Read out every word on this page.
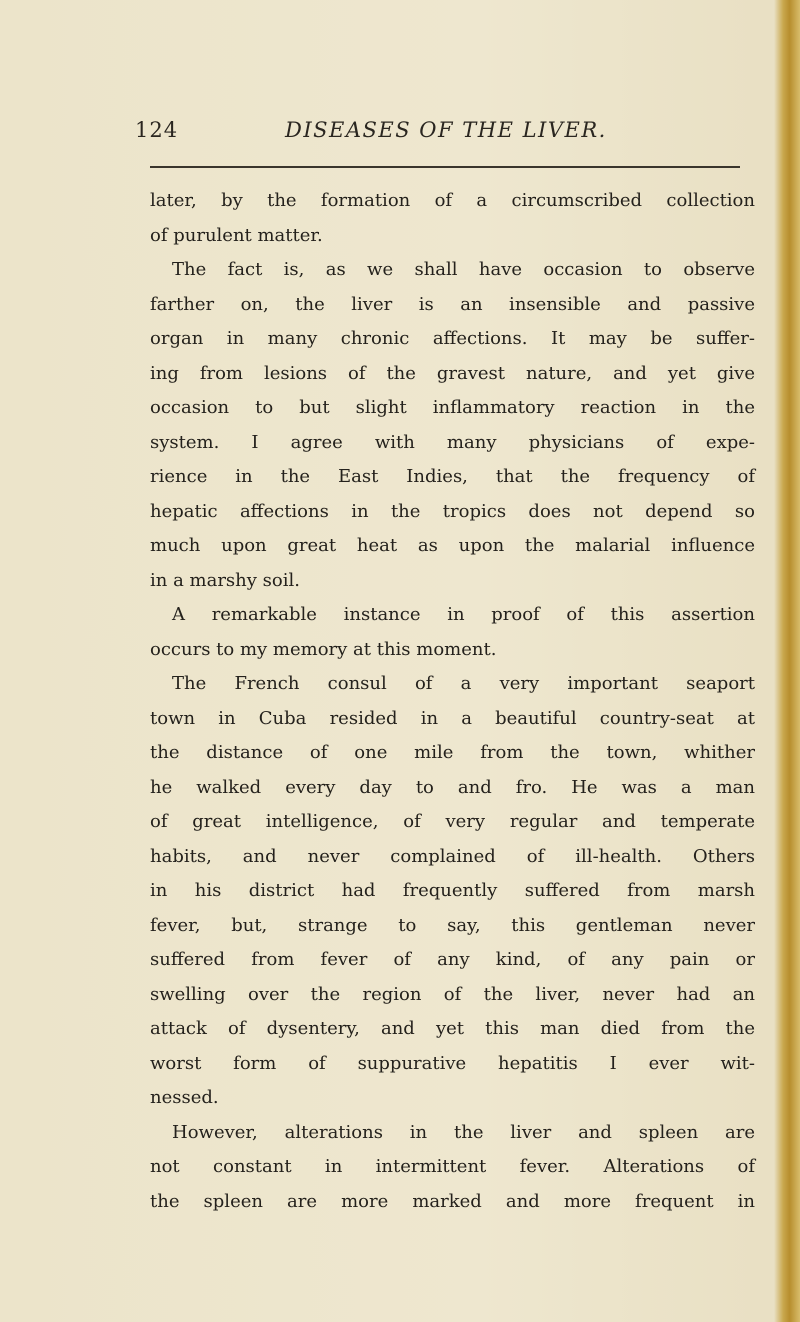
124	DISEASES OF THE LIVER.
later, by the formation of a circumscribed collection
of purulent matter.
The fact is, as we shall have occasion to observe
farther on, the liver is an insensible and passive
organ in many chronic affections. It may be suffer-
ing from lesions of the gravest nature, and yet give
occasion to but slight inflammatory reaction in the
system. I agree with many physicians of expe-
rience in the East Indies, that the frequency of
hepatic affections in the tropics does not depend so
much upon great heat as upon the malarial influence
in a marshy soil.
A remarkable instance in proof of this assertion
occurs to my memory at this moment.
The French consul of a very important seaport
town in Cuba resided in a beautiful country-seat at
the distance of one mile from the town, whither
he walked every day to and fro. He was a man
of great intelligence, of very regular and temperate
habits, and never complained of ill-health. Others
in his district had frequently suffered from marsh
fever, but, strange to say, this gentleman never
suffered from fever of any kind, of any pain or
swelling over the region of the liver, never had an
attack of dysentery, and yet this man died from the
worst form of suppurative hepatitis I ever wit-
nessed.
However, alterations in the liver and spleen are
not constant in intermittent fever. Alterations of
the spleen are more marked and more frequent in
